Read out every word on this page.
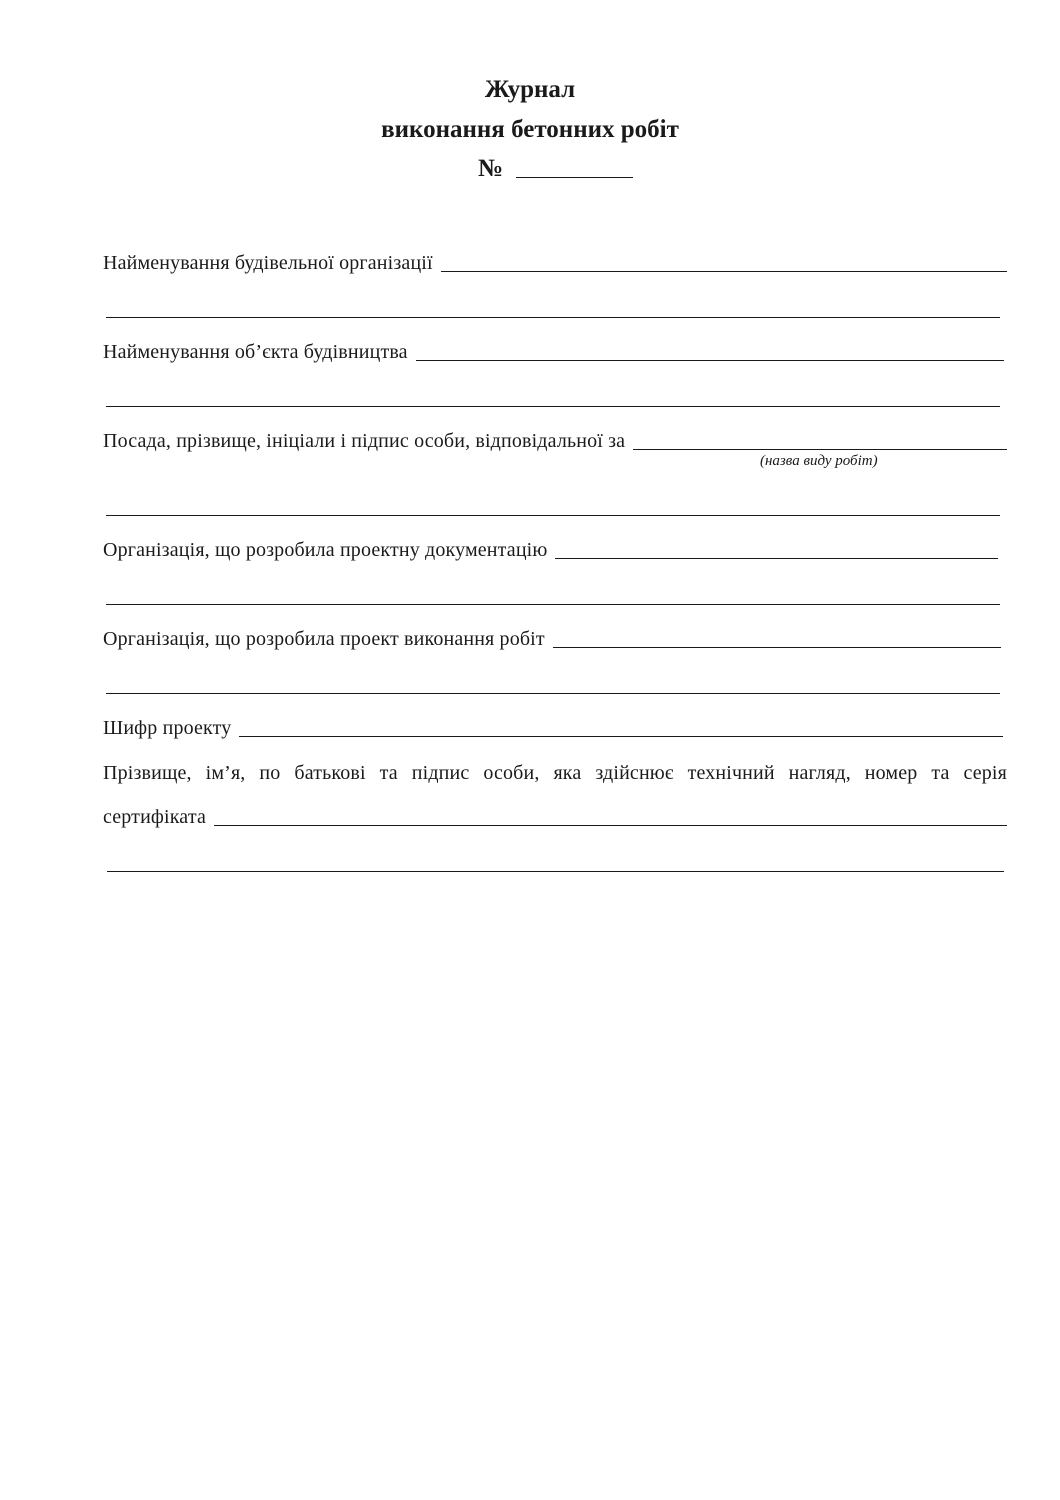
Журнал
виконання бетонних робіт
№
Найменування будівельної організації
Найменування об’єкта будівництва
Посада, прізвище, ініціали і підпис особи, відповідальної за
(назва виду робіт)
Організація, що розробила проектну документацію
Організація, що розробила проект виконання робіт
Шифр проекту
Прізвище, ім’я, по батькові та підпис особи, яка здійснює технічний нагляд, номер та серія
сертифіката
